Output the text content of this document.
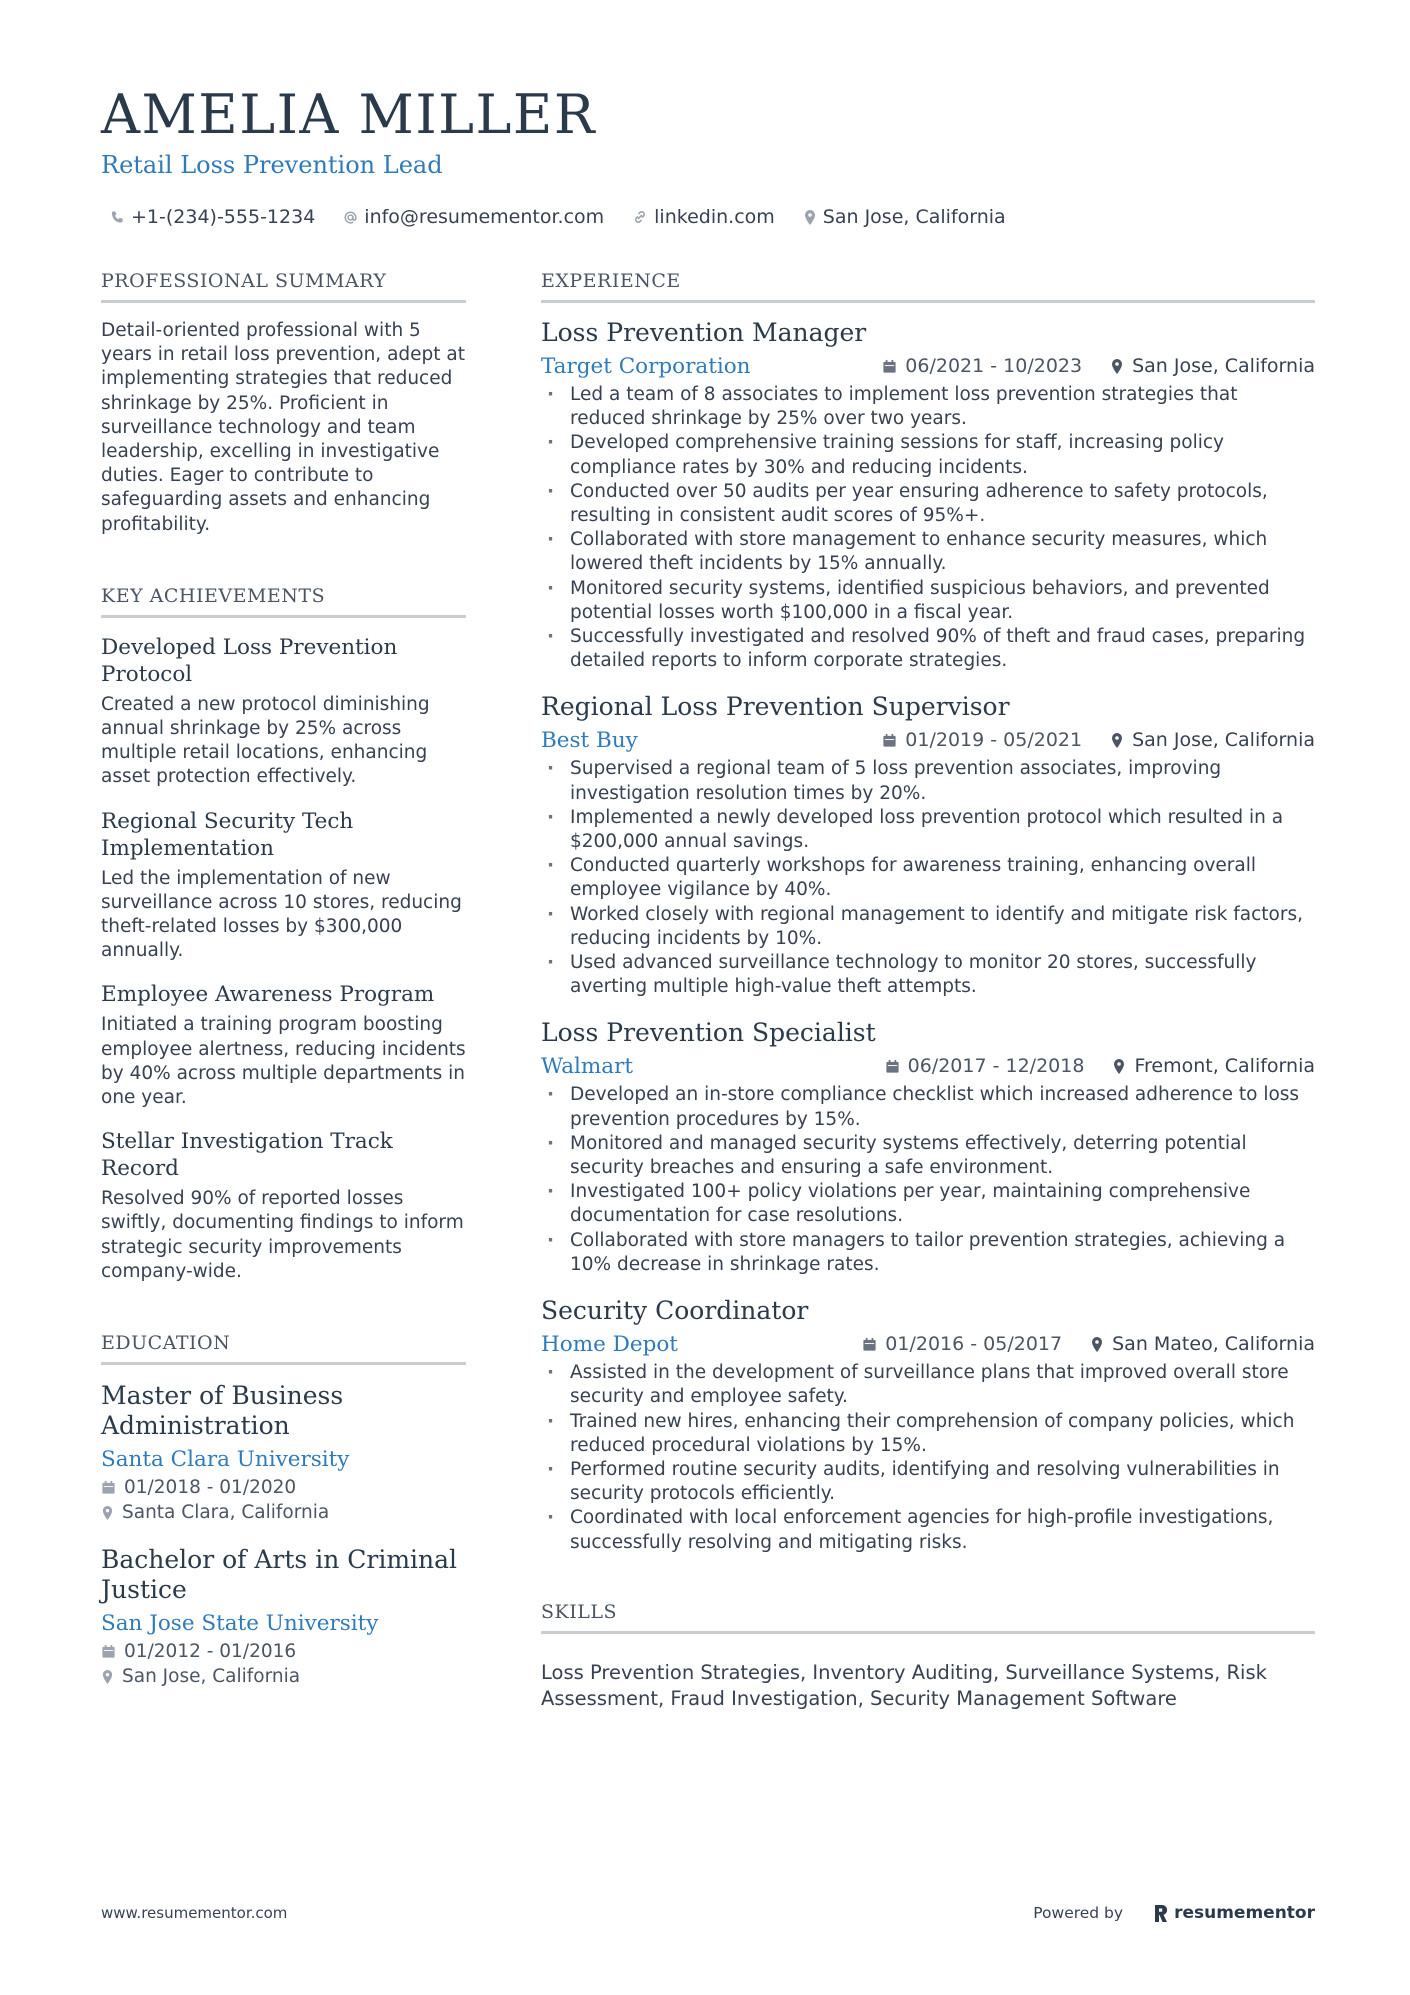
AMELIA MILLER
Retail Loss Prevention Lead
+1-(234)-555-1234	info@resumementor.com	linkedin.com	San Jose, California
PROFESSIONAL SUMMARY

Detail-oriented professional with 5 years in retail loss prevention, adept at implementing strategies that reduced shrinkage by 25%. Proficient in surveillance technology and team leadership, excelling in investigative duties. Eager to contribute to safeguarding assets and enhancing profitability.

KEY ACHIEVEMENTS
Developed Loss Prevention Protocol
Created a new protocol diminishing annual shrinkage by 25% across multiple retail locations, enhancing asset protection effectively.
Regional Security Tech Implementation
Led the implementation of new surveillance across 10 stores, reducing theft-related losses by $300,000 annually.
Employee Awareness Program
Initiated a training program boosting employee alertness, reducing incidents by 40% across multiple departments in one year.
Stellar Investigation Track Record
Resolved 90% of reported losses swiftly, documenting findings to inform strategic security improvements company-wide.
EDUCATION
Master of Business Administration
Santa Clara University
01/2018 - 01/2020
Santa Clara, California
Bachelor of Arts in Criminal Justice
San Jose State University
01/2012 - 01/2016
San Jose, California
EXPERIENCE
Loss Prevention Manager
Target Corporation	06/2021 - 10/2023	San Jose, California
· Led a team of 8 associates to implement loss prevention strategies that reduced shrinkage by 25% over two years.
· Developed comprehensive training sessions for staff, increasing policy compliance rates by 30% and reducing incidents.
· Conducted over 50 audits per year ensuring adherence to safety protocols, resulting in consistent audit scores of 95%+.
· Collaborated with store management to enhance security measures, which lowered theft incidents by 15% annually.
· Monitored security systems, identified suspicious behaviors, and prevented potential losses worth $100,000 in a fiscal year.
· Successfully investigated and resolved 90% of theft and fraud cases, preparing detailed reports to inform corporate strategies.
Regional Loss Prevention Supervisor
Best Buy	01/2019 - 05/2021	San Jose, California
· Supervised a regional team of 5 loss prevention associates, improving investigation resolution times by 20%.
· Implemented a newly developed loss prevention protocol which resulted in a $200,000 annual savings.
· Conducted quarterly workshops for awareness training, enhancing overall employee vigilance by 40%.
· Worked closely with regional management to identify and mitigate risk factors, reducing incidents by 10%.
· Used advanced surveillance technology to monitor 20 stores, successfully averting multiple high-value theft attempts.
Loss Prevention Specialist
Walmart	06/2017 - 12/2018	Fremont, California
· Developed an in-store compliance checklist which increased adherence to loss prevention procedures by 15%.
· Monitored and managed security systems effectively, deterring potential security breaches and ensuring a safe environment.
· Investigated 100+ policy violations per year, maintaining comprehensive documentation for case resolutions.
· Collaborated with store managers to tailor prevention strategies, achieving a 10% decrease in shrinkage rates.
Security Coordinator
Home Depot	01/2016 - 05/2017	San Mateo, California
· Assisted in the development of surveillance plans that improved overall store security and employee safety.
· Trained new hires, enhancing their comprehension of company policies, which reduced procedural violations by 15%.
· Performed routine security audits, identifying and resolving vulnerabilities in security protocols efficiently.
· Coordinated with local enforcement agencies for high-profile investigations, successfully resolving and mitigating risks.
SKILLS

Loss Prevention Strategies, Inventory Auditing, Surveillance Systems, Risk Assessment, Fraud Investigation, Security Management Software

www.resumementor.com	Powered by	resumementor
